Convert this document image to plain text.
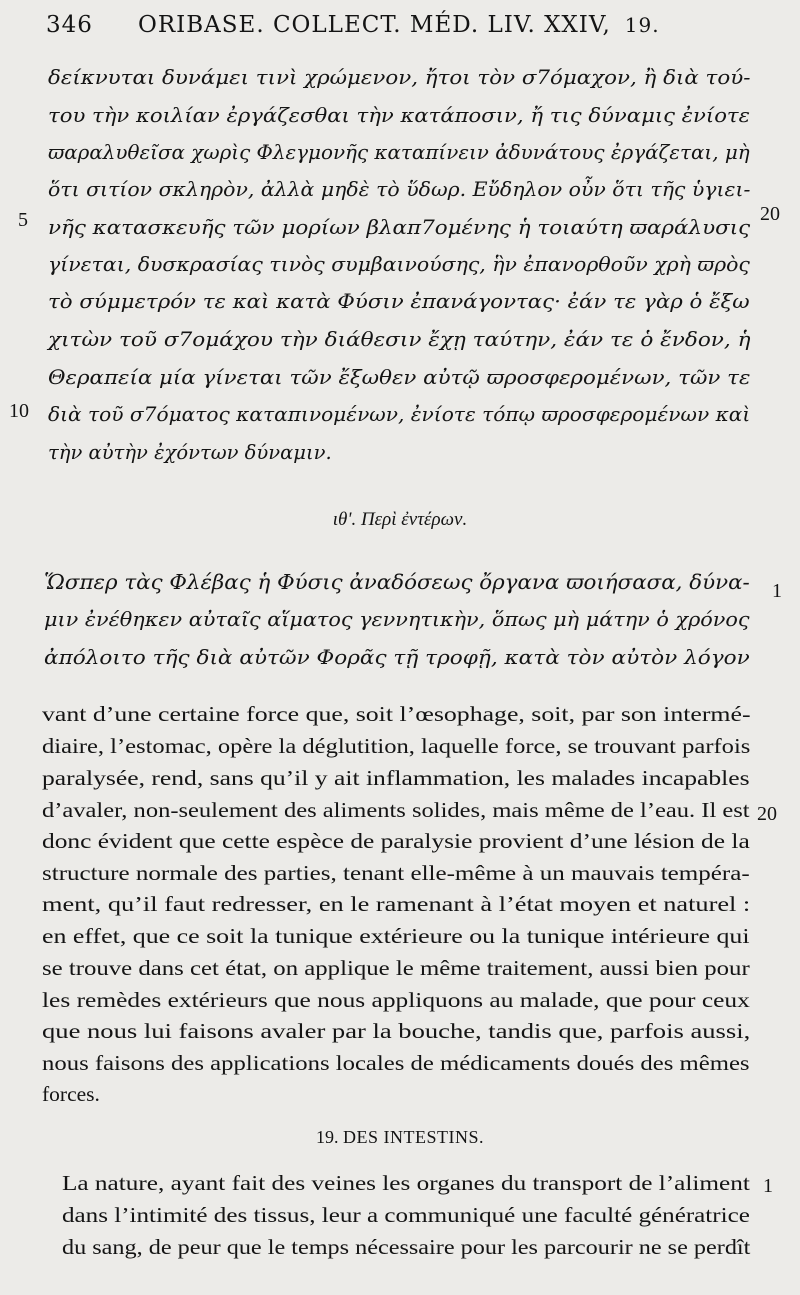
346 ORIBASE. COLLECT. MÉD. LIV. XXIV, 19.
δείκνυται δυνάμει τινὶ χρώμενον, ἤτοι τὸν σ7όμαχον, ἢ διὰ τού-
του τὴν κοιλίαν ἐργάζεσθαι τὴν κατάποσιν, ἤ τις δύναμις ἐνίοτε
ϖαραλυθεῖσα χωρὶς Φλεγμονῆς καταπίνειν ἀδυνάτους ἐργάζεται, μὴ
ὅτι σιτίον σκληρὸν, ἀλλὰ μηδὲ τὸ ὕδωρ. Εὔδηλον οὖν ὅτι τῆς ὑγιει-
νῆς κατασκευῆς τῶν μορίων βλαπ7ομένης ἡ τοιαύτη ϖαράλυσις
γίνεται, δυσκρασίας τινὸς συμβαινούσης, ἣν ἐπανορθοῦν χρὴ ϖρὸς
τὸ σύμμετρόν τε καὶ κατὰ Φύσιν ἐπανάγοντας· ἐάν τε γὰρ ὁ ἔξω
χιτὼν τοῦ σ7ομάχου τὴν διάθεσιν ἔχῃ ταύτην, ἐάν τε ὁ ἔνδον, ἡ
Θεραπεία μία γίνεται τῶν ἔξωθεν αὐτῷ ϖροσφερομένων, τῶν τε
διὰ τοῦ σ7όματος καταπινομένων, ἐνίοτε τόπῳ ϖροσφερομένων καὶ
τὴν αὐτὴν ἐχόντων δύναμιν.
5	20
10
ιθʹ. Περὶ ἐντέρων.
Ὥσπερ τὰς Φλέβας ἡ Φύσις ἀναδόσεως ὄργανα ϖοιήσασα, δύνα-
μιν ἐνέθηκεν αὐταῖς αἵματος γεννητικὴν, ὅπως μὴ μάτην ὁ χρόνος
ἀπόλοιτο τῆς διὰ αὐτῶν Φορᾶς τῇ τροφῇ, κατὰ τὸν αὐτὸν λόγον
1
vant d’une certaine force que, soit l’œsophage, soit, par son intermé-
diaire, l’estomac, opère la déglutition, laquelle force, se trouvant parfois
paralysée, rend, sans qu’il y ait inflammation, les malades incapables
d’avaler, non-seulement des aliments solides, mais même de l’eau. Il est
donc évident que cette espèce de paralysie provient d’une lésion de la
structure normale des parties, tenant elle-même à un mauvais tempéra-
ment, qu’il faut redresser, en le ramenant à l’état moyen et naturel :
en effet, que ce soit la tunique extérieure ou la tunique intérieure qui
se trouve dans cet état, on applique le même traitement, aussi bien pour
les remèdes extérieurs que nous appliquons au malade, que pour ceux
que nous lui faisons avaler par la bouche, tandis que, parfois aussi,
nous faisons des applications locales de médicaments doués des mêmes
forces.
20
19. DES INTESTINS.
La nature, ayant fait des veines les organes du transport de l’aliment
dans l’intimité des tissus, leur a communiqué une faculté génératrice
du sang, de peur que le temps nécessaire pour les parcourir ne se perdît
1
